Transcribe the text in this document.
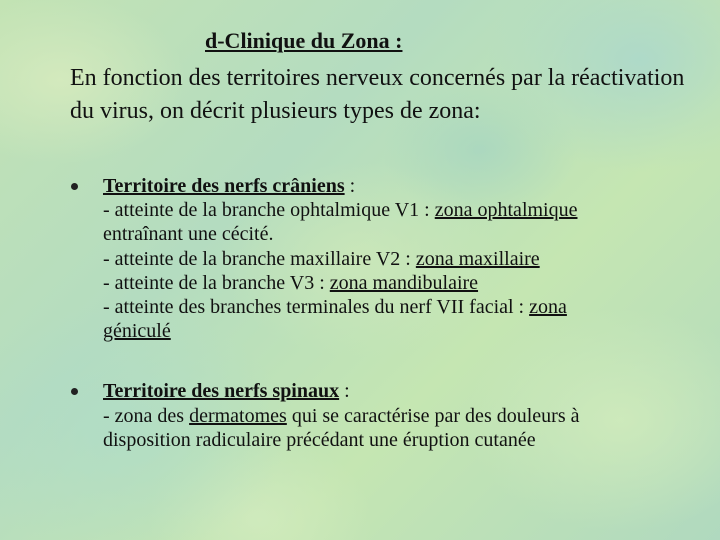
d-Clinique du Zona :
En fonction des territoires nerveux concernés par la réactivation du virus, on décrit plusieurs types de zona:
Territoire des nerfs crâniens :
- atteinte de la branche ophtalmique V1 : zona ophtalmique
entraînant une cécité.
- atteinte de la branche maxillaire V2 : zona maxillaire
- atteinte de la branche V3 : zona mandibulaire
- atteinte des branches terminales du nerf VII facial : zona
géniculé
Territoire des nerfs spinaux :
- zona des dermatomes qui se caractérise par des douleurs à
disposition radiculaire précédant une éruption cutanée
